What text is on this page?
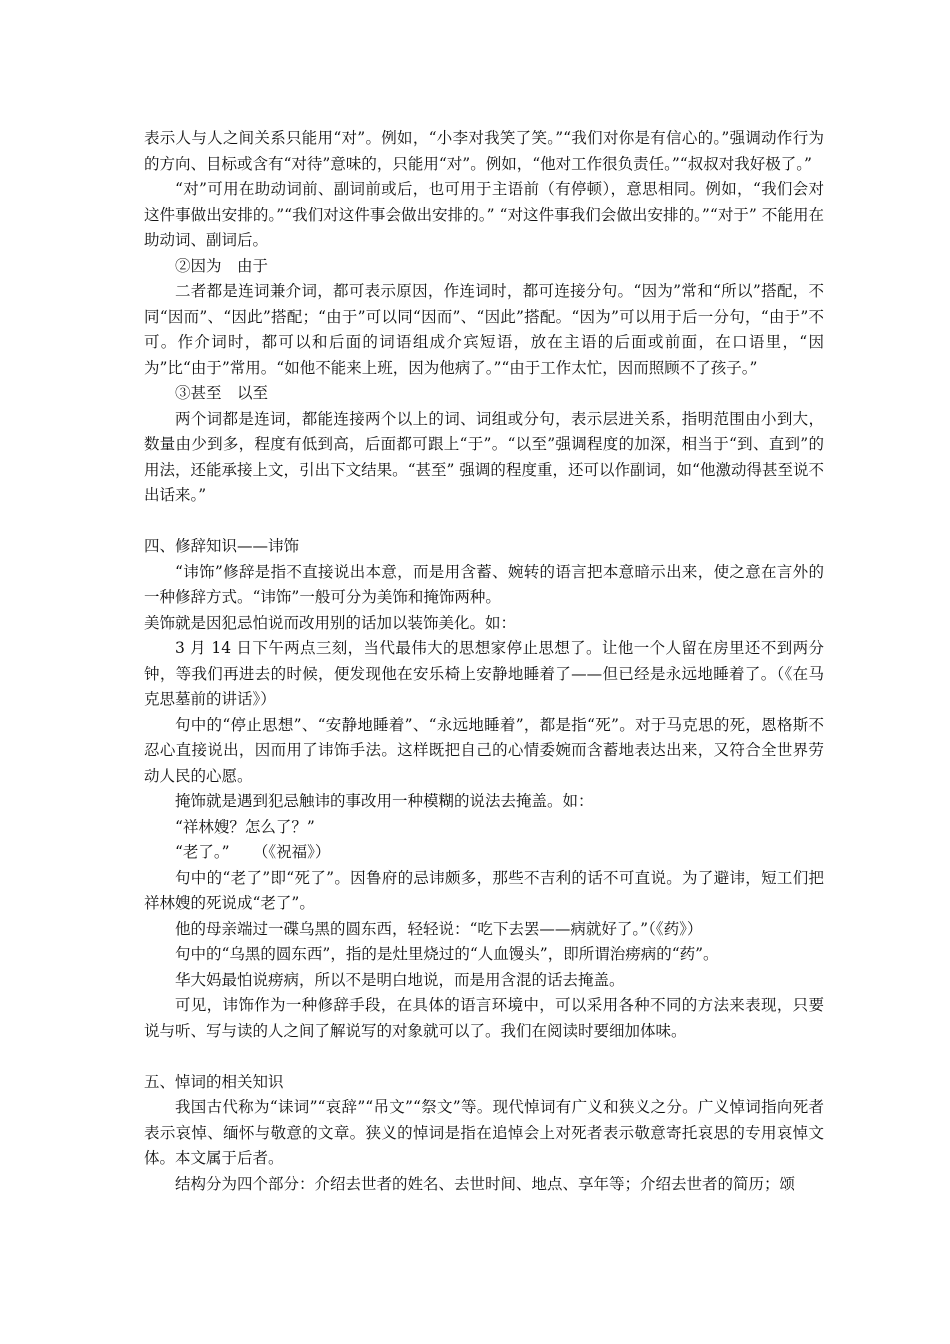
表示人与人之间关系只能用“对”。例如，“小李对我笑了笑。”“我们对你是有信心的。”强调动作行为的方向、目标或含有“对待”意味的，只能用“对”。例如，“他对工作很负责任。”“叔叔对我好极了。”

“对”可用在助动词前、副词前或后，也可用于主语前（有停顿），意思相同。例如，“我们会对这件事做出安排的。”“我们对这件事会做出安排的。” “对这件事我们会做出安排的。”“对于” 不能用在助动词、副词后。

②因为　由于

二者都是连词兼介词，都可表示原因，作连词时，都可连接分句。“因为”常和“所以”搭配，不同“因而”、“因此”搭配；“由于”可以同“因而”、“因此”搭配。“因为”可以用于后一分句，“由于”不可。作介词时，都可以和后面的词语组成介宾短语，放在主语的后面或前面，在口语里，“因为”比“由于”常用。“如他不能来上班，因为他病了。”“由于工作太忙，因而照顾不了孩子。”

③甚至　以至

两个词都是连词，都能连接两个以上的词、词组或分句，表示层进关系，指明范围由小到大，数量由少到多，程度有低到高，后面都可跟上“于”。“以至”强调程度的加深，相当于“到、直到”的用法，还能承接上文，引出下文结果。“甚至” 强调的程度重，还可以作副词，如“他激动得甚至说不出话来。”

四、修辞知识——讳饰

“讳饰”修辞是指不直接说出本意，而是用含蓄、婉转的语言把本意暗示出来，使之意在言外的一种修辞方式。“讳饰”一般可分为美饰和掩饰两种。

美饰就是因犯忌怕说而改用别的话加以装饰美化。如：

3 月 14 日下午两点三刻，当代最伟大的思想家停止思想了。让他一个人留在房里还不到两分钟，等我们再进去的时候，便发现他在安乐椅上安静地睡着了——但已经是永远地睡着了。（《在马克思墓前的讲话》）

句中的“停止思想”、“安静地睡着”、“永远地睡着”，都是指“死”。对于马克思的死，恩格斯不忍心直接说出，因而用了讳饰手法。这样既把自己的心情委婉而含蓄地表达出来，又符合全世界劳动人民的心愿。

掩饰就是遇到犯忌触讳的事改用一种模糊的说法去掩盖。如：

“祥林嫂？怎么了？”

“老了。”　　（《祝福》）

句中的“老了”即“死了”。因鲁府的忌讳颇多，那些不吉利的话不可直说。为了避讳，短工们把祥林嫂的死说成“老了”。

他的母亲端过一碟乌黑的圆东西，轻轻说：“吃下去罢——病就好了。”（《药》）

句中的“乌黑的圆东西”，指的是灶里烧过的“人血馒头”，即所谓治痨病的“药”。

华大妈最怕说痨病，所以不是明白地说，而是用含混的话去掩盖。

可见，讳饰作为一种修辞手段，在具体的语言环境中，可以采用各种不同的方法来表现，只要说与听、写与读的人之间了解说写的对象就可以了。我们在阅读时要细加体味。

五、悼词的相关知识

我国古代称为“诔词”“哀辞”“吊文”“祭文”等。现代悼词有广义和狭义之分。广义悼词指向死者表示哀悼、缅怀与敬意的文章。狭义的悼词是指在追悼会上对死者表示敬意寄托哀思的专用哀悼文体。本文属于后者。

结构分为四个部分：介绍去世者的姓名、去世时间、地点、享年等；介绍去世者的简历；颂
